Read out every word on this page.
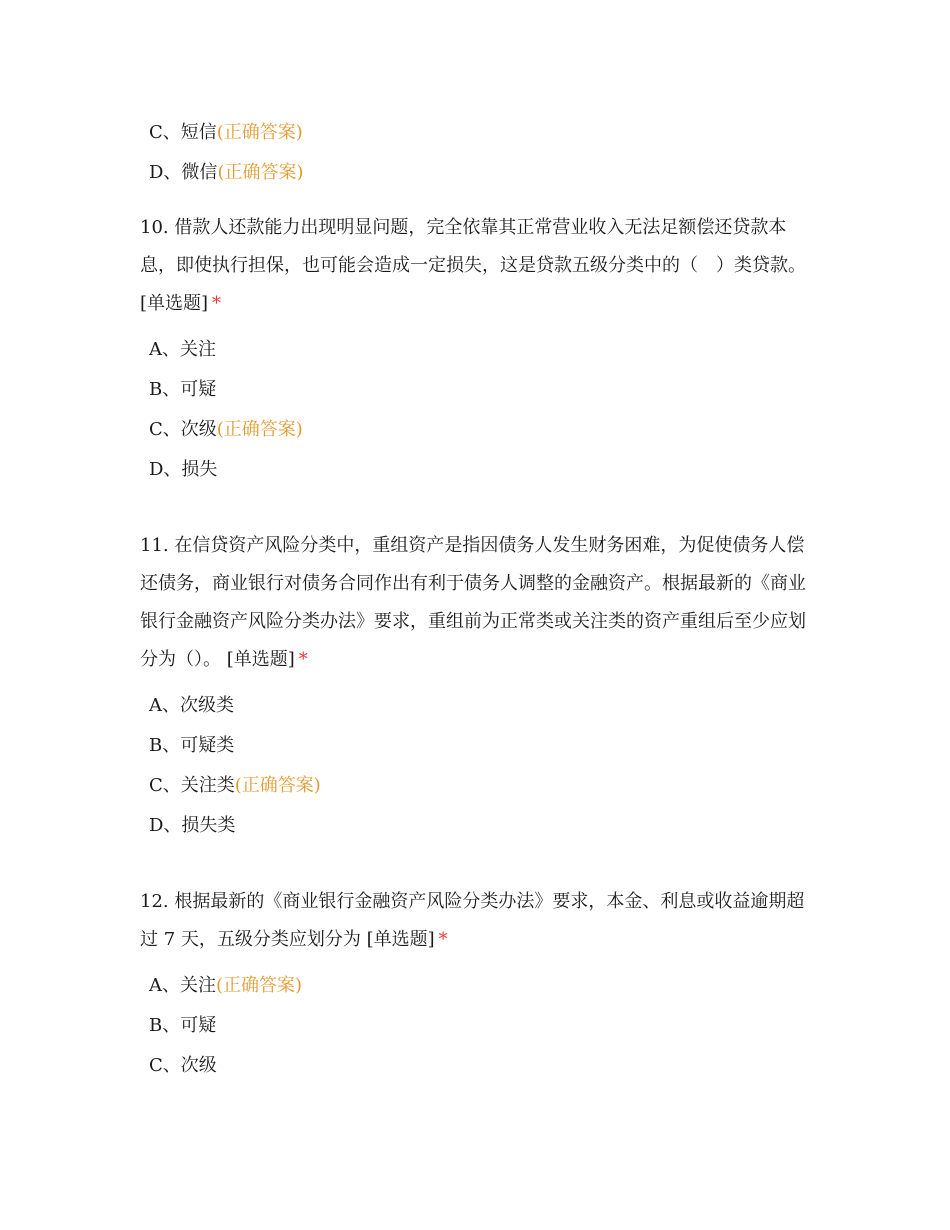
C、短信(正确答案)
D、微信(正确答案)
10. 借款人还款能力出现明显问题，完全依靠其正常营业收入无法足额偿还贷款本息，即使执行担保，也可能会造成一定损失，这是贷款五级分类中的（　）类贷款。 [单选题] *
A、关注
B、可疑
C、次级(正确答案)
D、损失
11. 在信贷资产风险分类中，重组资产是指因债务人发生财务困难，为促使债务人偿还债务，商业银行对债务合同作出有利于债务人调整的金融资产。根据最新的《商业银行金融资产风险分类办法》要求，重组前为正常类或关注类的资产重组后至少应划分为（）。 [单选题] *
A、次级类
B、可疑类
C、关注类(正确答案)
D、损失类
12. 根据最新的《商业银行金融资产风险分类办法》要求，本金、利息或收益逾期超过 7 天，五级分类应划分为 [单选题] *
A、关注(正确答案)
B、可疑
C、次级
